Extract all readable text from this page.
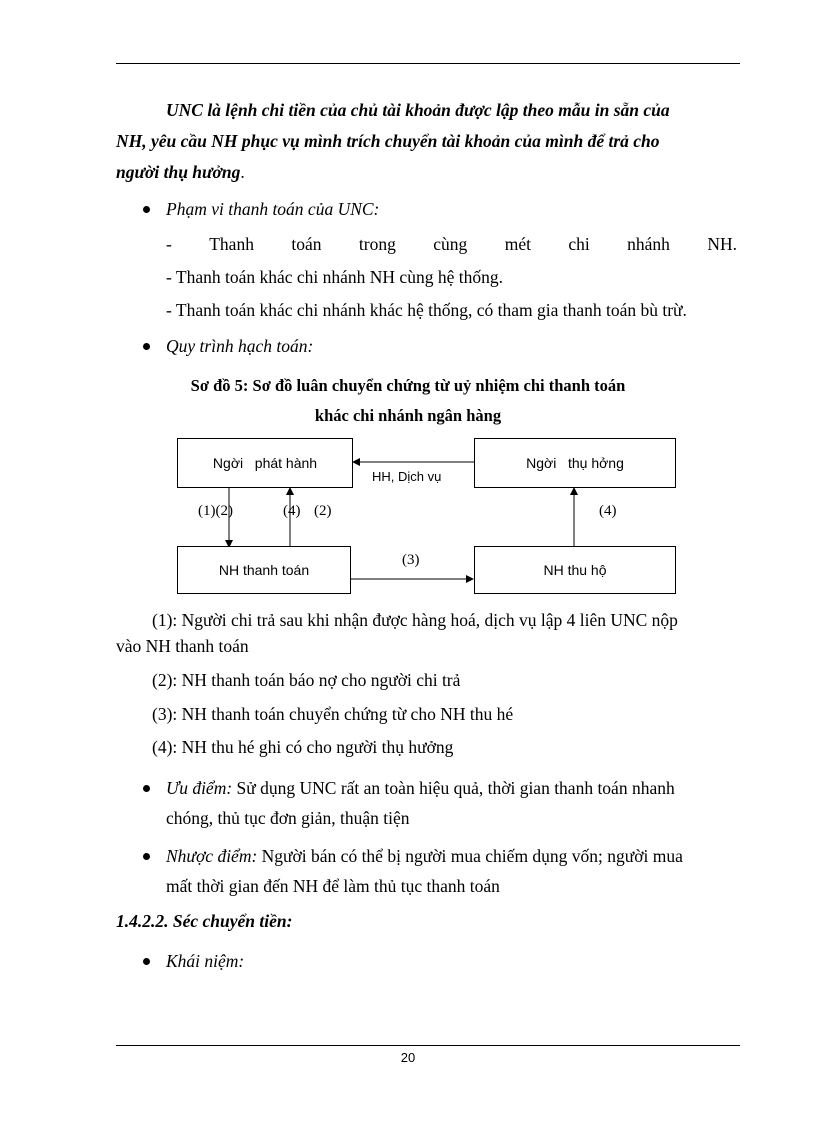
UNC là lệnh chi tiền của chủ tài khoản được lập theo mẫu in sẵn của
NH, yêu cầu NH phục vụ mình trích chuyển tài khoản của mình để trả cho
người thụ hưởng.
Phạm vi thanh toán của UNC:
- Thanh toán trong cùng mét chi nhánh NH.
- Thanh toán khác chi nhánh NH cùng hệ thống.
- Thanh toán khác chi nhánh khác hệ thống, có tham gia thanh toán bù trừ.
Quy trình hạch toán:
Sơ đồ 5: Sơ đồ luân chuyển chứng từ uỷ nhiệm chi thanh toán
khác chi nhánh ngân hàng
Ngời   phát hành	Ngời   thụ hởng
NH thanh toán	NH thu hộ
HH, Dịch vụ
(1)(2)	(4) (2)
(3)
(4)
(1): Người chi trả sau khi nhận được hàng hoá, dịch vụ lập 4 liên UNC nộp
vào NH thanh toán
(2): NH thanh toán báo nợ cho người chi trả
(3): NH thanh toán chuyển chứng từ cho NH thu hé
(4): NH thu hé ghi có cho người thụ hưởng
Ưu điểm: Sử dụng UNC rất an toàn hiệu quả, thời gian thanh toán nhanh
chóng, thủ tục đơn giản, thuận tiện
Nhược điểm: Người bán có thể bị người mua chiếm dụng vốn; người mua
mất thời gian đến NH để làm thủ tục thanh toán
1.4.2.2. Séc chuyển tiền:
Khái niệm:
20
